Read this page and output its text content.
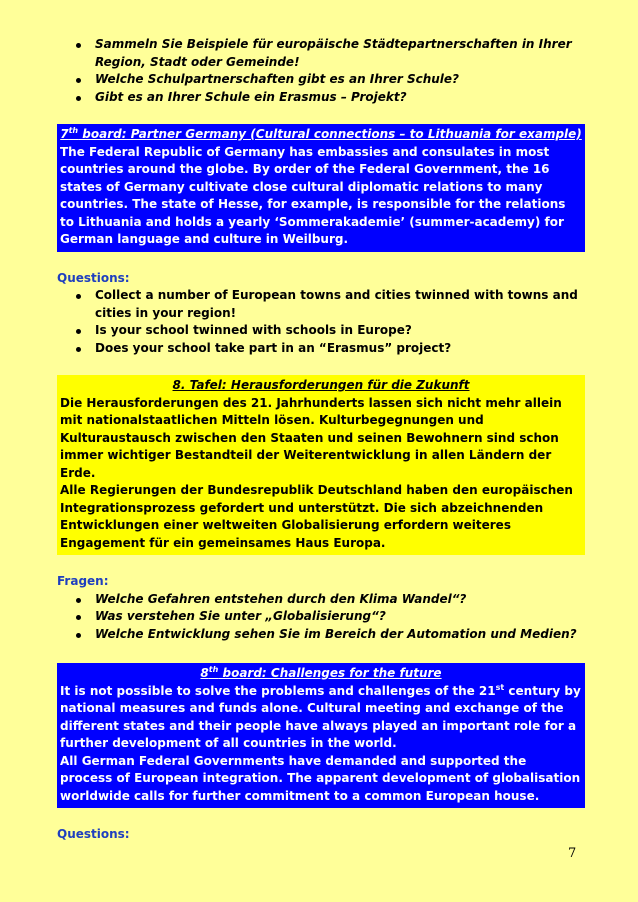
Sammeln Sie Beispiele für europäische Städtepartnerschaften in Ihrer Region, Stadt oder Gemeinde!
Welche Schulpartnerschaften gibt es an Ihrer Schule?
Gibt es an Ihrer Schule ein Erasmus – Projekt?
7th board: Partner Germany (Cultural connections – to Lithuania for example)
The Federal Republic of Germany has embassies and consulates in most countries around the globe. By order of the Federal Government, the 16 states of Germany cultivate close cultural diplomatic relations to many countries. The state of Hesse, for example, is responsible for the relations to Lithuania and holds a yearly ‘Sommerakademie’ (summer-academy) for German language and culture in Weilburg.
Questions:
Collect a number of European towns and cities twinned with towns and cities in your region!
Is your school twinned with schools in Europe?
Does your school take part in an “Erasmus” project?
8. Tafel: Herausforderungen für die Zukunft
Die Herausforderungen des 21. Jahrhunderts lassen sich nicht mehr allein mit nationalstaatlichen Mitteln lösen. Kulturbegegnungen und Kulturaustausch zwischen den Staaten und seinen Bewohnern sind schon immer wichtiger Bestandteil der Weiterentwicklung in allen Ländern der Erde.
Alle Regierungen der Bundesrepublik Deutschland haben den europäischen Integrationsprozess gefordert und unterstützt. Die sich abzeichnenden Entwicklungen einer weltweiten Globalisierung erfordern weiteres Engagement für ein gemeinsames Haus Europa.
Fragen:
Welche Gefahren entstehen durch den Klima Wandel“?
Was verstehen Sie unter „Globalisierung“?
Welche Entwicklung sehen Sie im Bereich der Automation und Medien?
8th board: Challenges for the future
It is not possible to solve the problems and challenges of the 21st century by national measures and funds alone. Cultural meeting and exchange of the different states and their people have always played an important role for a further development of all countries in the world.
All German Federal Governments have demanded and supported the process of European integration. The apparent development of globalisation worldwide calls for further commitment to a common European house.
Questions:
7
